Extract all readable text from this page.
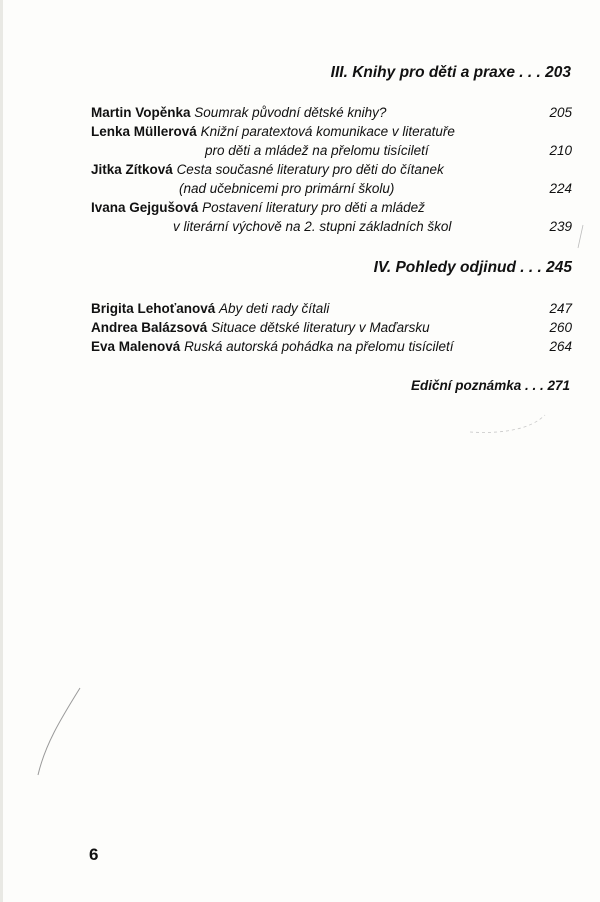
III. Knihy pro děti a praxe . . . 203
Martin Vopěnka Soumrak původní dětské knihy?	205
Lenka Müllerová Knižní paratextová komunikace v literatuře
pro děti a mládež na přelomu tisíciletí	210
Jitka Zítková Cesta současné literatury pro děti do čítanek
(nad učebnicemi pro primární školu)	224
Ivana Gejgušová Postavení literatury pro děti a mládež
v literární výchově na 2. stupni základních škol	239
IV. Pohledy odjinud . . . 245
Brigita Lehoťanová Aby deti rady čítali	247
Andrea Balázsová Situace dětské literatury v Maďarsku	260
Eva Malenová Ruská autorská pohádka na přelomu tisíciletí	264
Ediční poznámka . . . 271
6
